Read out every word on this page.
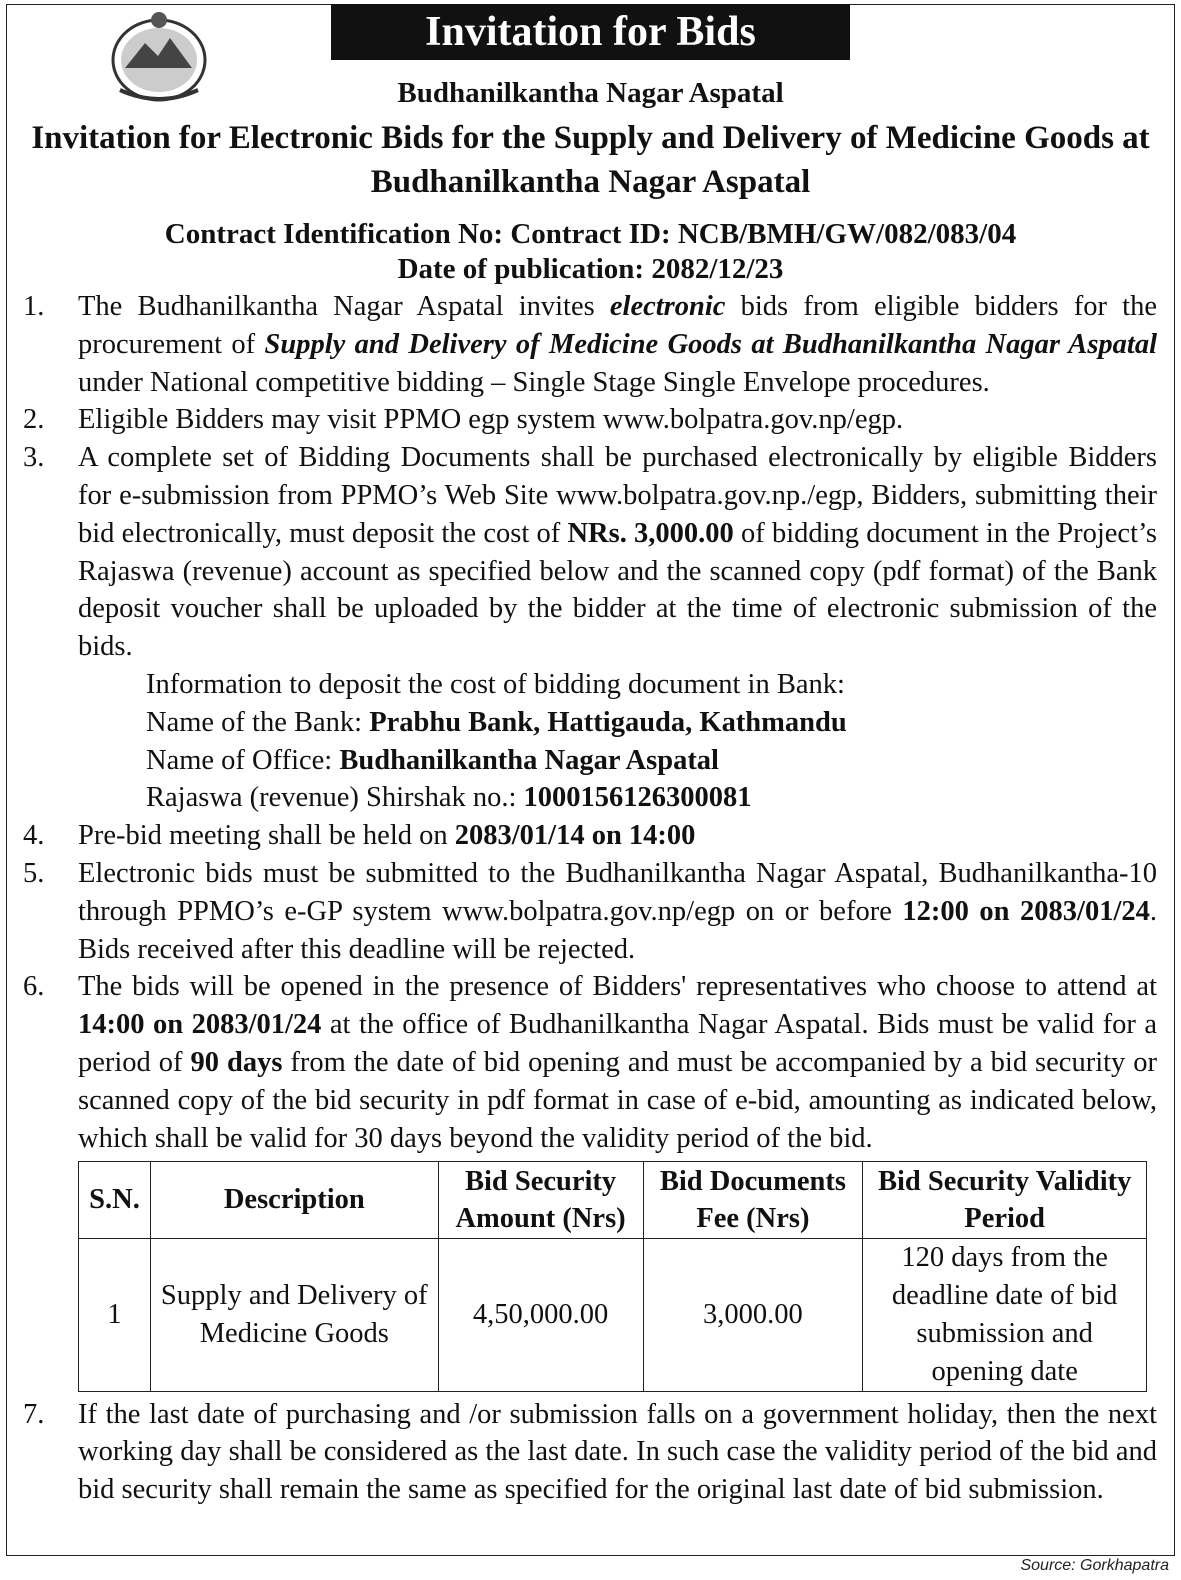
Invitation for Bids
Budhanilkantha Nagar Aspatal
Invitation for Electronic Bids for the Supply and Delivery of Medicine Goods at Budhanilkantha Nagar Aspatal
Contract Identification No: Contract ID: NCB/BMH/GW/082/083/04
Date of publication: 2082/12/23
1. The Budhanilkantha Nagar Aspatal invites electronic bids from eligible bidders for the procurement of Supply and Delivery of Medicine Goods at Budhanilkantha Nagar Aspatal under National competitive bidding – Single Stage Single Envelope procedures.
2. Eligible Bidders may visit PPMO egp system www.bolpatra.gov.np/egp.
3. A complete set of Bidding Documents shall be purchased electronically by eligible Bidders for e-submission from PPMO’s Web Site www.bolpatra.gov.np./egp, Bidders, submitting their bid electronically, must deposit the cost of NRs. 3,000.00 of bidding document in the Project’s Rajaswa (revenue) account as specified below and the scanned copy (pdf format) of the Bank deposit voucher shall be uploaded by the bidder at the time of electronic submission of the bids.
Information to deposit the cost of bidding document in Bank:
Name of the Bank: Prabhu Bank, Hattigauda, Kathmandu
Name of Office: Budhanilkantha Nagar Aspatal
Rajaswa (revenue) Shirshak no.: 1000156126300081
4. Pre-bid meeting shall be held on 2083/01/14 on 14:00
5. Electronic bids must be submitted to the Budhanilkantha Nagar Aspatal, Budhanilkantha-10 through PPMO’s e-GP system www.bolpatra.gov.np/egp on or before 12:00 on 2083/01/24. Bids received after this deadline will be rejected.
6. The bids will be opened in the presence of Bidders' representatives who choose to attend at 14:00 on 2083/01/24 at the office of Budhanilkantha Nagar Aspatal. Bids must be valid for a period of 90 days from the date of bid opening and must be accompanied by a bid security or scanned copy of the bid security in pdf format in case of e-bid, amounting as indicated below, which shall be valid for 30 days beyond the validity period of the bid.
S.N.	Description	Bid Security Amount (Nrs)	Bid Documents Fee (Nrs)	Bid Security Validity Period
1	Supply and Delivery of Medicine Goods	4,50,000.00	3,000.00	120 days from the deadline date of bid submission and opening date
7. If the last date of purchasing and /or submission falls on a government holiday, then the next working day shall be considered as the last date. In such case the validity period of the bid and bid security shall remain the same as specified for the original last date of bid submission.
Source: Gorkhapatra
